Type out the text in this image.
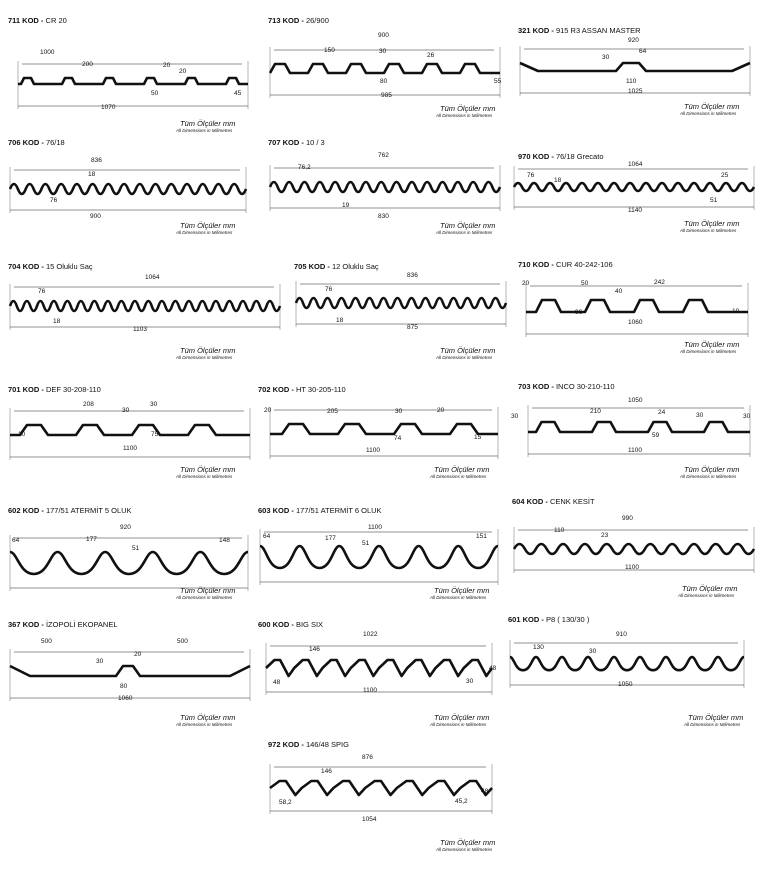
711 KOD - CR 20
1000
200	20
20
50	45
1070
Tüm Ölçüler mm
All Dimensions in Milimetres
713 KOD - 26/900
900
150	30
26
80	55
985
Tüm Ölçüler mm
All Dimensions in Milimetres
321 KOD - 915 R3 ASSAN MASTER
920
64
30
110
1025
Tüm Ölçüler mm
All Dimensions in Milimetres
706 KOD - 76/18
836
18
76
900
Tüm Ölçüler mm
All Dimensions in Milimetres
707 KOD - 10 / 3
762
76,2
19
830
Tüm Ölçüler mm
All Dimensions in Milimetres
970 KOD - 76/18 Grecato
1064
76
18
25
51
1140
Tüm Ölçüler mm
All Dimensions in Milimetres
704 KOD - 15 Oluklu Saç
1064
76
18
1103
Tüm Ölçüler mm
All Dimensions in Milimetres
705 KOD - 12 Oluklu Saç
836
76
18
875
Tüm Ölçüler mm
All Dimensions in Milimetres
710 KOD - CUR 40-242-106
20	50
40
242
96	10
1060
Tüm Ölçüler mm
All Dimensions in Milimetres
701 KOD - DEF 30-208-110
208
30
30
10	75
1100
Tüm Ölçüler mm
All Dimensions in Milimetres
702 KOD - HT 30-205-110
20	205	30	20
74	15
1100
Tüm Ölçüler mm
All Dimensions in Milimetres
703 KOD - INCO 30-210-110
1050
210	24	30
30	30
59
1100
Tüm Ölçüler mm
All Dimensions in Milimetres
602 KOD - 177/51 ATERMİT 5 OLUK
920
64	177
51
148
Tüm Ölçüler mm
All Dimensions in Milimetres
603 KOD - 177/51 ATERMİT 6 OLUK
1100
64	177
51
151
Tüm Ölçüler mm
All Dimensions in Milimetres
604 KOD - CENK KESİT
990
110
23
1100
Tüm Ölçüler mm
All Dimensions in Milimetres
367 KOD - İZOPOLİ EKOPANEL
500	500
30
20
80
1060
Tüm Ölçüler mm
All Dimensions in Milimetres
600 KOD - BIG SIX
1022
146
48
48	30
1100
Tüm Ölçüler mm
All Dimensions in Milimetres
601 KOD - P8 ( 130/30 )
910
130
30
1050
Tüm Ölçüler mm
All Dimensions in Milimetres
972 KOD - 146/48 SPIG
876
146
58,2	45,2
48
1054
Tüm Ölçüler mm
All Dimensions in Milimetres
